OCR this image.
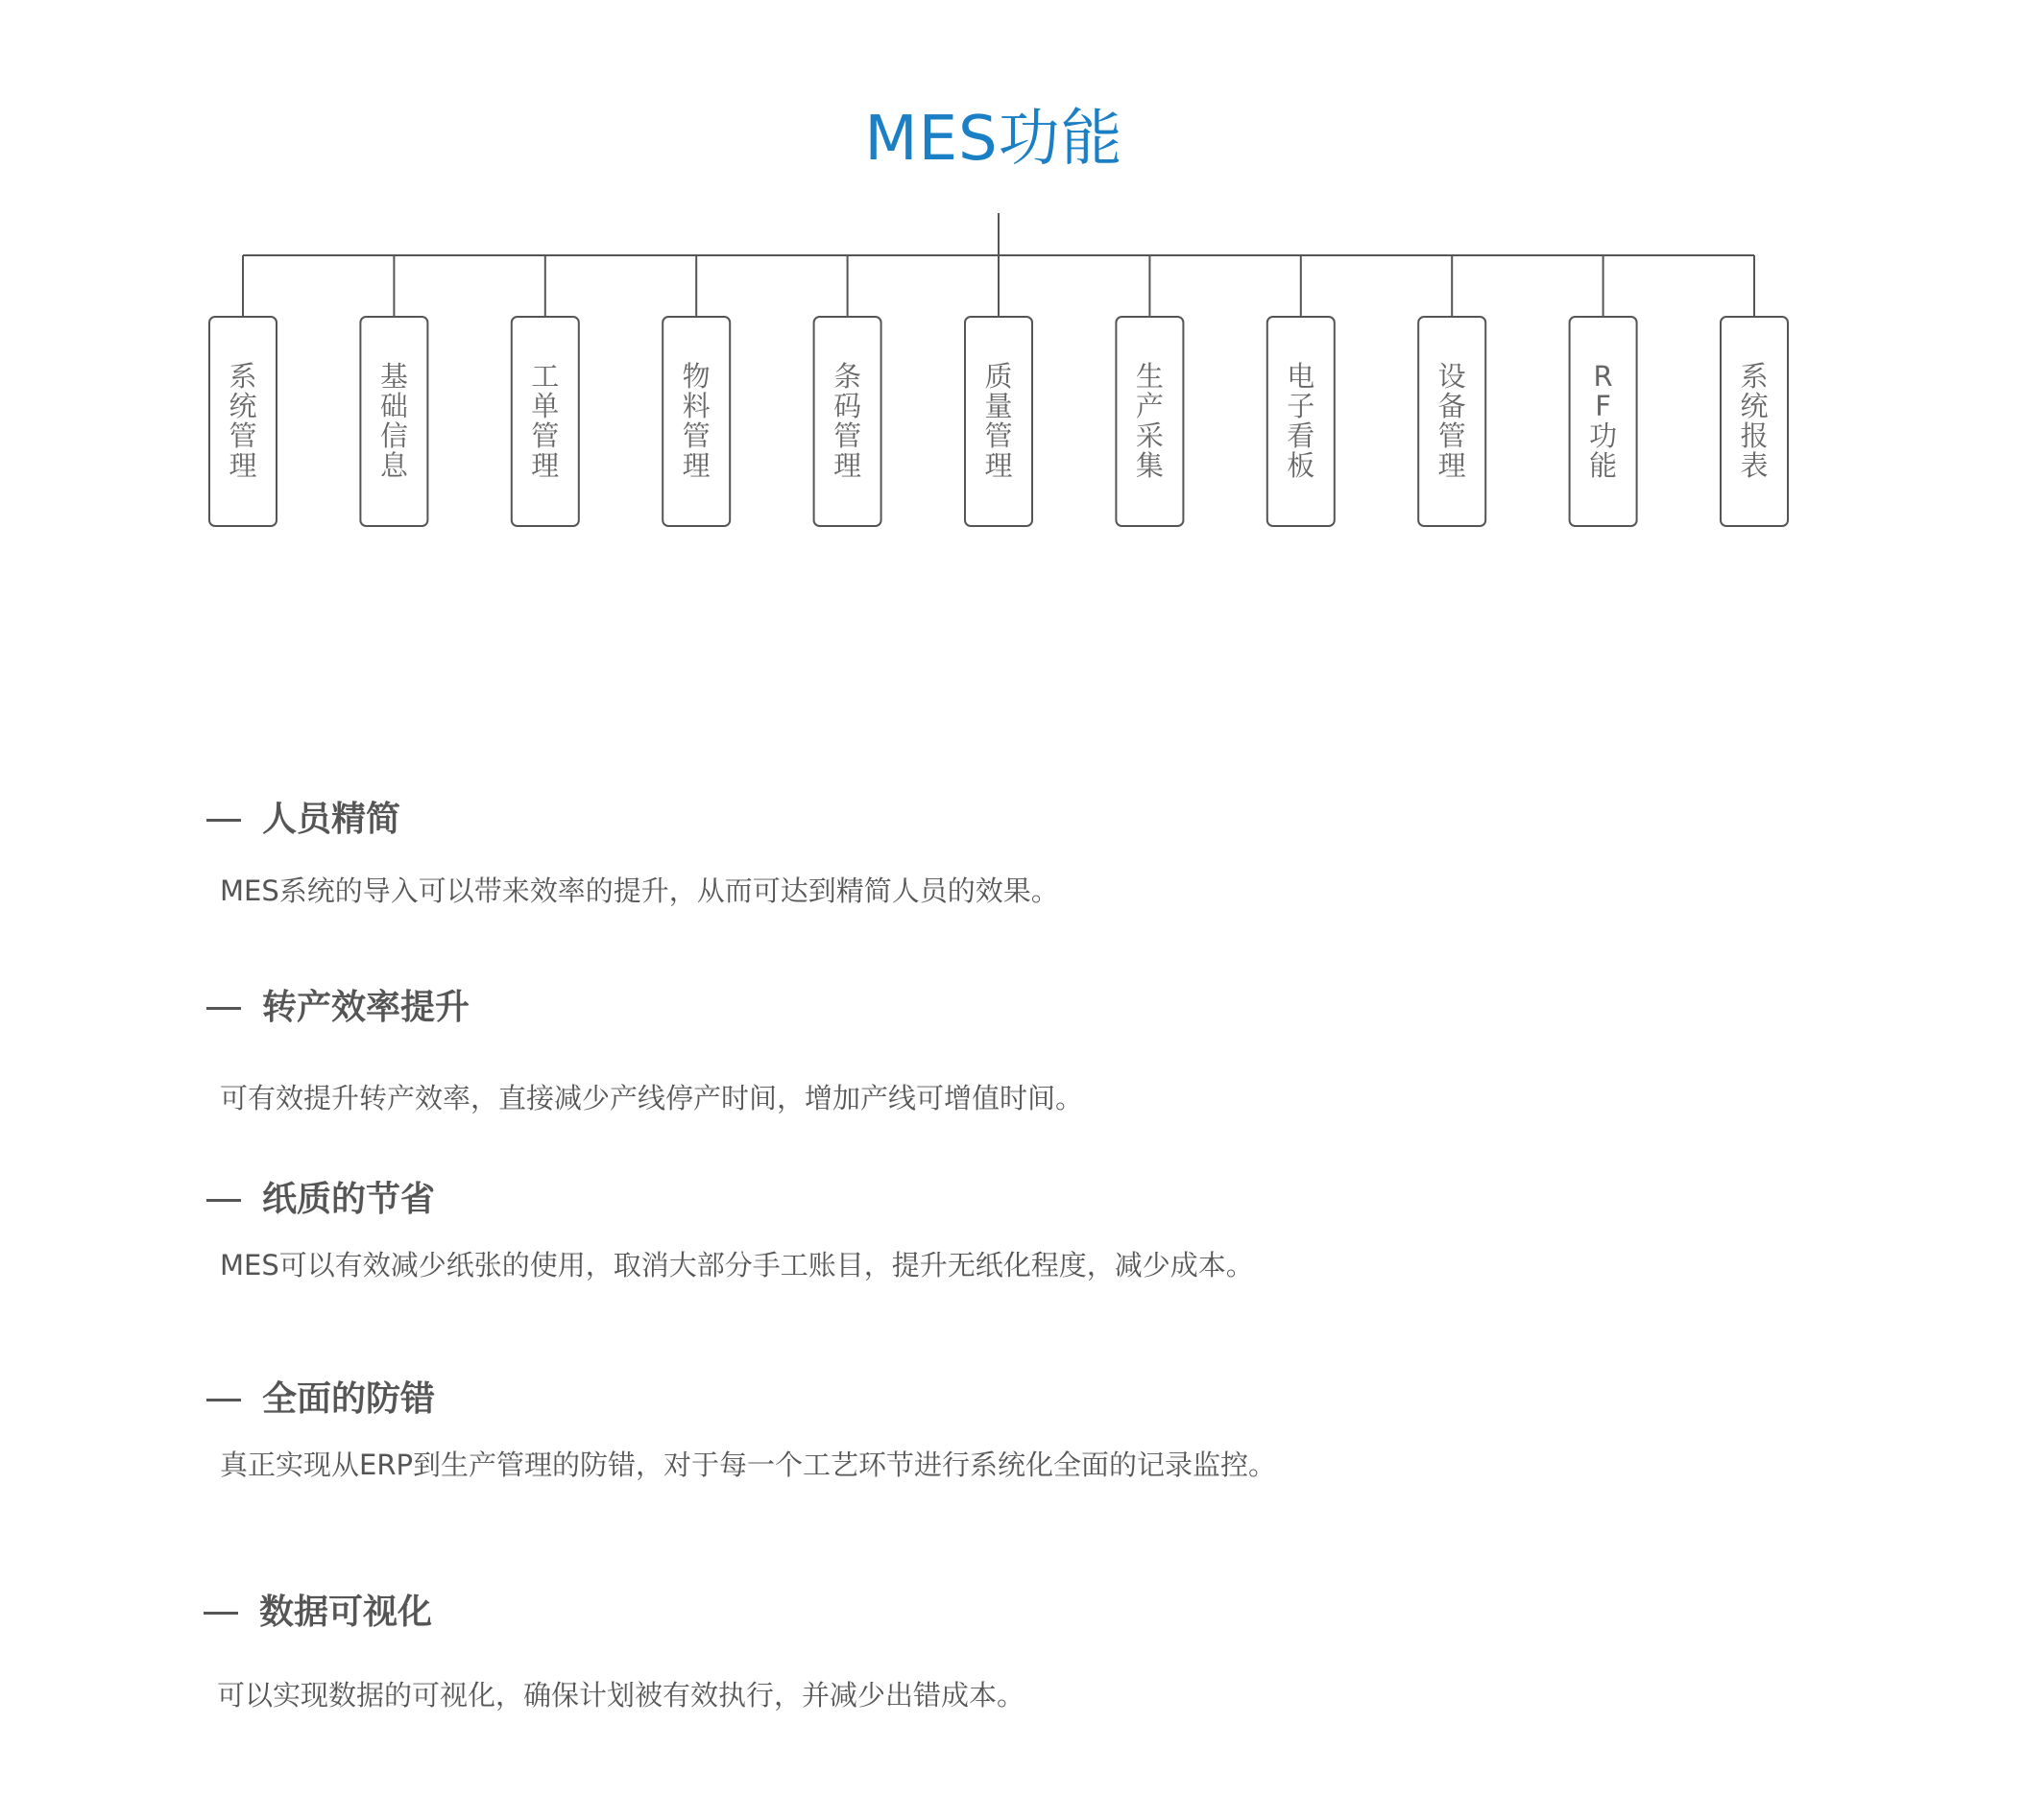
MES功能
系
统
管
理
基
础
信
息
工
单
管
理
物
料
管
理
条
码
管
理
质
量
管
理
生
产
采
集
电
子
看
板
设
备
管
理
R
F
功
能
系
统
报
表
人员精简
MES系统的导入可以带来效率的提升，从而可达到精简人员的效果。
转产效率提升
可有效提升转产效率，直接减少产线停产时间，增加产线可增值时间。
纸质的节省
MES可以有效减少纸张的使用，取消大部分手工账目，提升无纸化程度，减少成本。
全面的防错
真正实现从ERP到生产管理的防错，对于每一个工艺环节进行系统化全面的记录监控。
数据可视化
可以实现数据的可视化，确保计划被有效执行，并减少出错成本。
